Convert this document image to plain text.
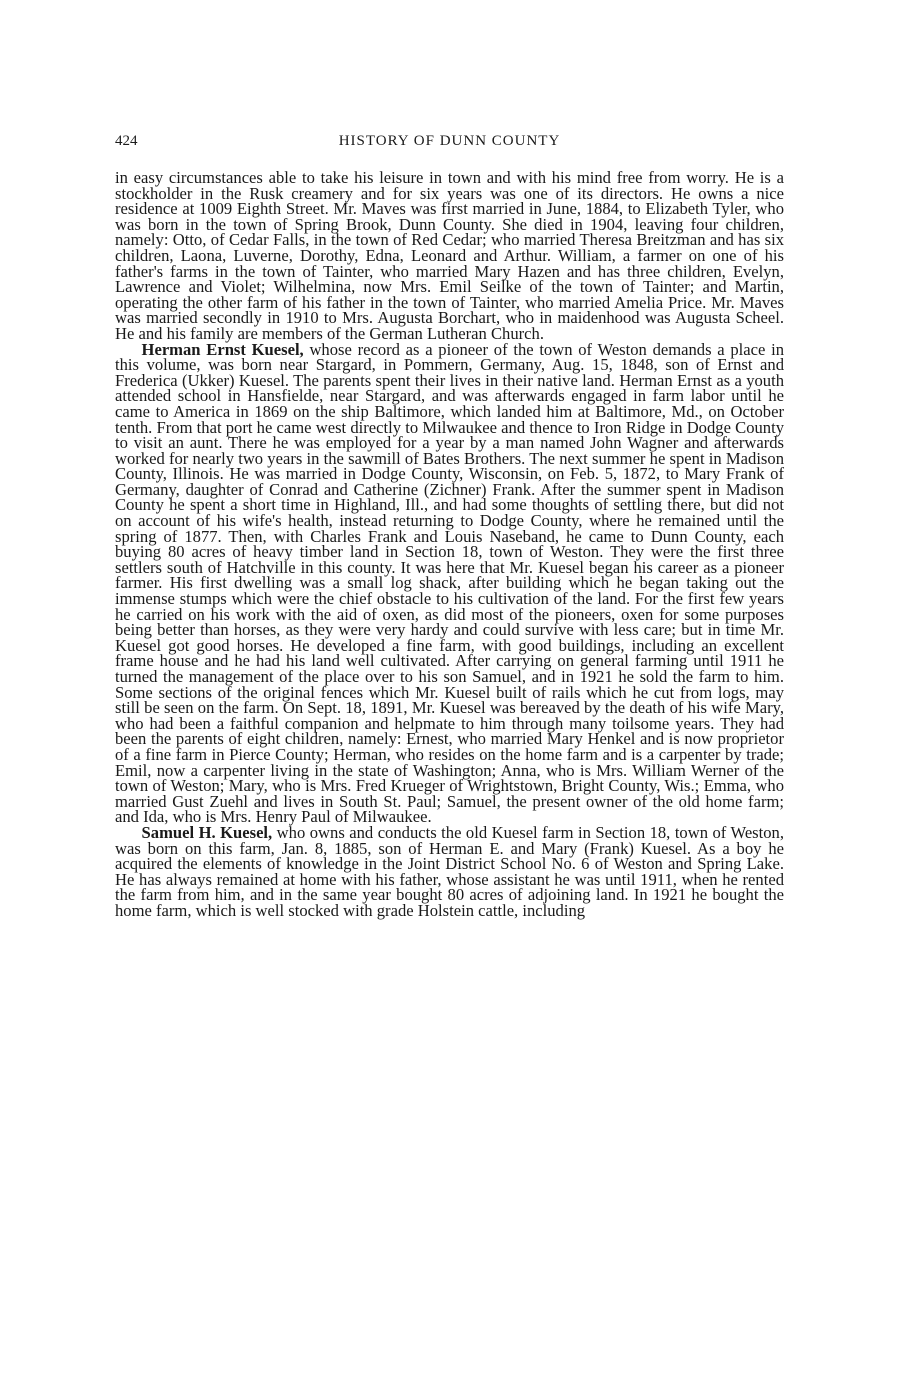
424	HISTORY OF DUNN COUNTY

in easy circumstances able to take his leisure in town and with his mind free from worry. He is a stockholder in the Rusk creamery and for six years was one of its directors. He owns a nice residence at 1009 Eighth Street. Mr. Maves was first married in June, 1884, to Elizabeth Tyler, who was born in the town of Spring Brook, Dunn County. She died in 1904, leaving four children, namely: Otto, of Cedar Falls, in the town of Red Cedar; who married Theresa Breitzman and has six children, Laona, Luverne, Dorothy, Edna, Leonard and Arthur. William, a farmer on one of his father's farms in the town of Tainter, who married Mary Hazen and has three children, Evelyn, Lawrence and Violet; Wilhelmina, now Mrs. Emil Seilke of the town of Tainter; and Martin, operating the other farm of his father in the town of Tainter, who married Amelia Price. Mr. Maves was married secondly in 1910 to Mrs. Augusta Borchart, who in maidenhood was Augusta Scheel. He and his family are members of the German Lutheran Church.

Herman Ernst Kuesel, whose record as a pioneer of the town of Weston demands a place in this volume, was born near Stargard, in Pommern, Germany, Aug. 15, 1848, son of Ernst and Frederica (Ukker) Kuesel. The parents spent their lives in their native land. Herman Ernst as a youth attended school in Hansfielde, near Stargard, and was afterwards engaged in farm labor until he came to America in 1869 on the ship Baltimore, which landed him at Baltimore, Md., on October tenth. From that port he came west directly to Milwaukee and thence to Iron Ridge in Dodge County to visit an aunt. There he was employed for a year by a man named John Wagner and afterwards worked for nearly two years in the sawmill of Bates Brothers. The next summer he spent in Madison County, Illinois. He was married in Dodge County, Wisconsin, on Feb. 5, 1872, to Mary Frank of Germany, daughter of Conrad and Catherine (Zichner) Frank. After the summer spent in Madison County he spent a short time in Highland, Ill., and had some thoughts of settling there, but did not on account of his wife's health, instead returning to Dodge County, where he remained until the spring of 1877. Then, with Charles Frank and Louis Naseband, he came to Dunn County, each buying 80 acres of heavy timber land in Section 18, town of Weston. They were the first three settlers south of Hatchville in this county. It was here that Mr. Kuesel began his career as a pioneer farmer. His first dwelling was a small log shack, after building which he began taking out the immense stumps which were the chief obstacle to his cultivation of the land. For the first few years he carried on his work with the aid of oxen, as did most of the pioneers, oxen for some purposes being better than horses, as they were very hardy and could survive with less care; but in time Mr. Kuesel got good horses. He developed a fine farm, with good buildings, including an excellent frame house and he had his land well cultivated. After carrying on general farming until 1911 he turned the management of the place over to his son Samuel, and in 1921 he sold the farm to him. Some sections of the original fences which Mr. Kuesel built of rails which he cut from logs, may still be seen on the farm. On Sept. 18, 1891, Mr. Kuesel was bereaved by the death of his wife Mary, who had been a faithful companion and helpmate to him through many toilsome years. They had been the parents of eight children, namely: Ernest, who married Mary Henkel and is now proprietor of a fine farm in Pierce County; Herman, who resides on the home farm and is a carpenter by trade; Emil, now a carpenter living in the state of Washington; Anna, who is Mrs. William Werner of the town of Weston; Mary, who is Mrs. Fred Krueger of Wrightstown, Bright County, Wis.; Emma, who married Gust Zuehl and lives in South St. Paul; Samuel, the present owner of the old home farm; and Ida, who is Mrs. Henry Paul of Milwaukee.

Samuel H. Kuesel, who owns and conducts the old Kuesel farm in Section 18, town of Weston, was born on this farm, Jan. 8, 1885, son of Herman E. and Mary (Frank) Kuesel. As a boy he acquired the elements of knowledge in the Joint District School No. 6 of Weston and Spring Lake. He has always remained at home with his father, whose assistant he was until 1911, when he rented the farm from him, and in the same year bought 80 acres of adjoining land. In 1921 he bought the home farm, which is well stocked with grade Holstein cattle, including
